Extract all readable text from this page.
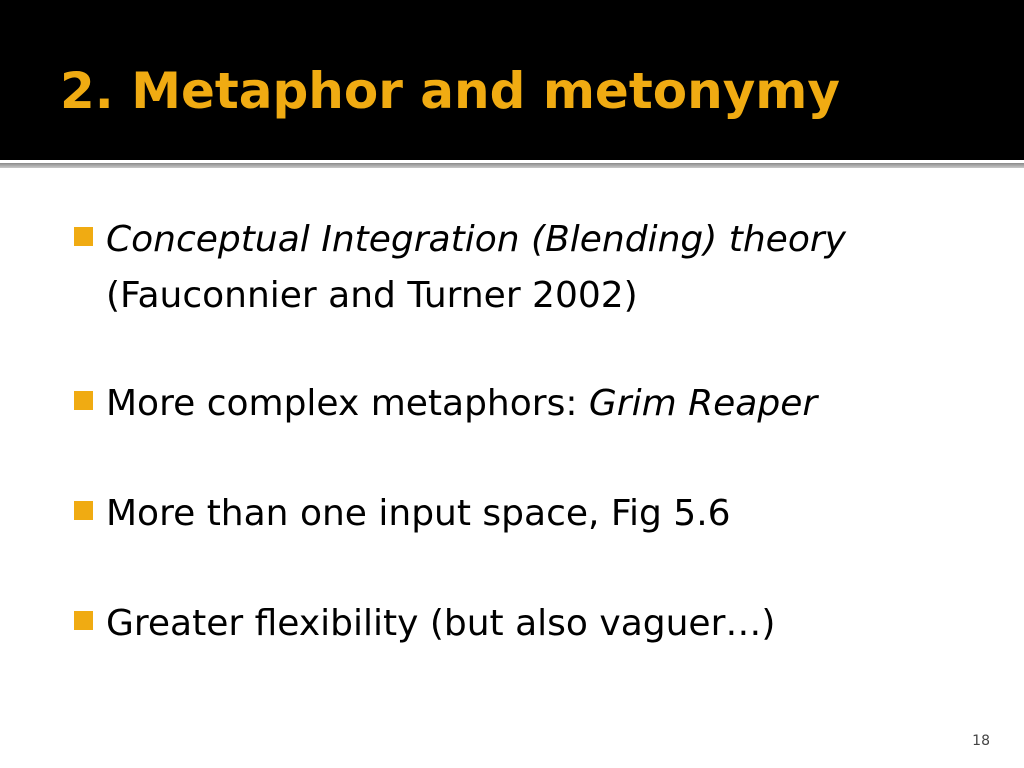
2. Metaphor and metonymy
Conceptual Integration (Blending) theory
(Fauconnier and Turner 2002)
More complex metaphors: Grim Reaper
More than one input space, Fig 5.6
Greater flexibility (but also vaguer…)
18
